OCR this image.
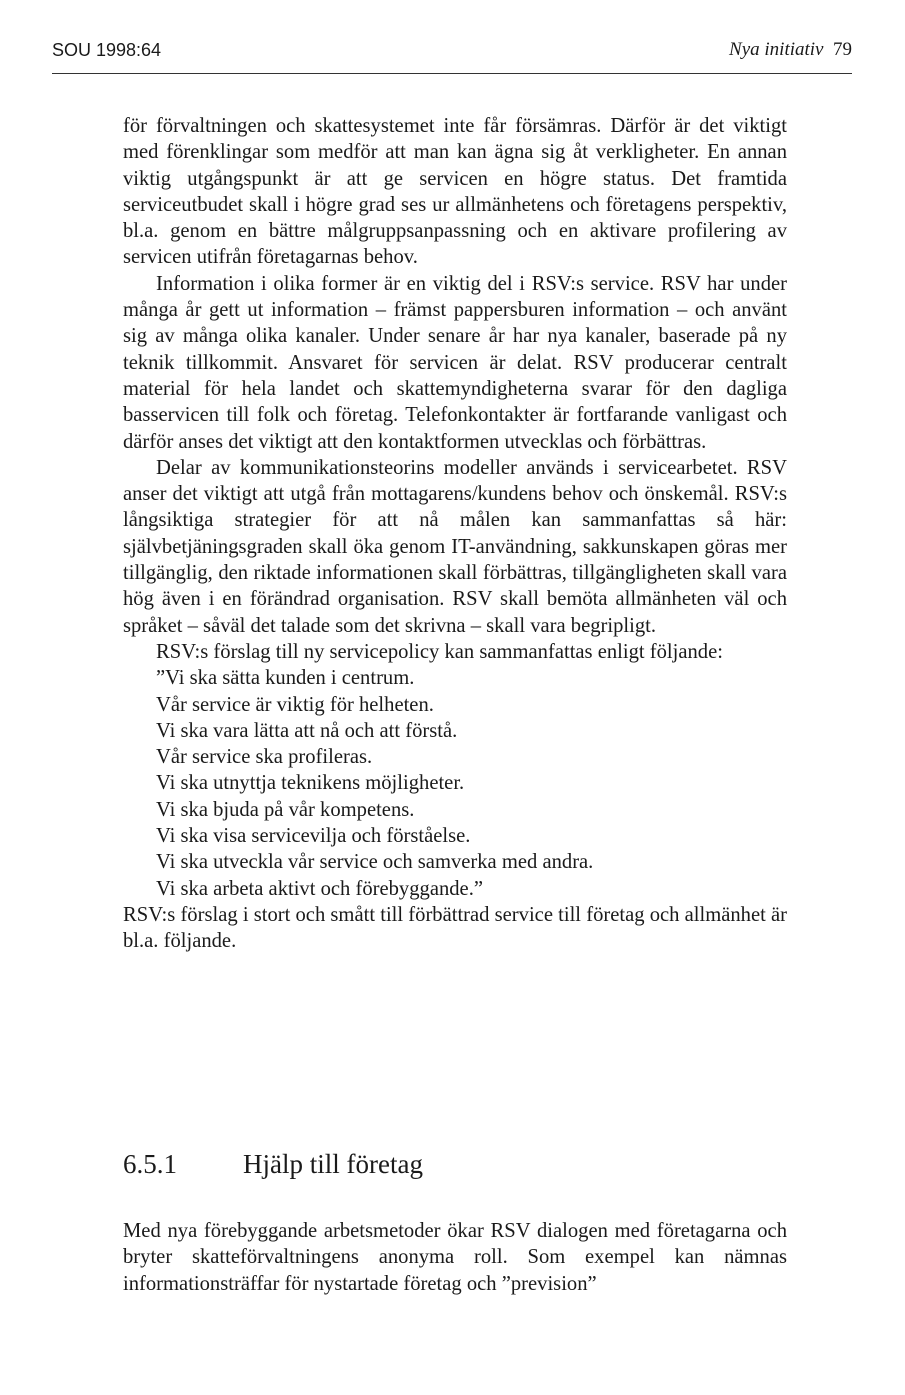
SOU 1998:64	Nya initiativ 79

för förvaltningen och skattesystemet inte får försämras. Därför är det viktigt med förenklingar som medför att man kan ägna sig åt verkligheter. En annan viktig utgångspunkt är att ge servicen en högre status. Det framtida serviceutbudet skall i högre grad ses ur allmänhetens och företagens perspektiv, bl.a. genom en bättre målgruppsanpassning och en aktivare profilering av servicen utifrån företagarnas behov.

Information i olika former är en viktig del i RSV:s service. RSV har under många år gett ut information – främst pappersburen information – och använt sig av många olika kanaler. Under senare år har nya kanaler, baserade på ny teknik tillkommit. Ansvaret för servicen är delat. RSV producerar centralt material för hela landet och skattemyndigheterna svarar för den dagliga basservicen till folk och företag. Telefonkontakter är fortfarande vanligast och därför anses det viktigt att den kontaktformen utvecklas och förbättras.

Delar av kommunikationsteorins modeller används i servicearbetet. RSV anser det viktigt att utgå från mottagarens/kundens behov och önskemål. RSV:s långsiktiga strategier för att nå målen kan sammanfattas så här: självbetjäningsgraden skall öka genom IT-användning, sakkunskapen göras mer tillgänglig, den riktade informationen skall förbättras, tillgängligheten skall vara hög även i en förändrad organisation. RSV skall bemöta allmänheten väl och språket – såväl det talade som det skrivna – skall vara begripligt.

RSV:s förslag till ny servicepolicy kan sammanfattas enligt följande:

”Vi ska sätta kunden i centrum.
Vår service är viktig för helheten.
Vi ska vara lätta att nå och att förstå.
Vår service ska profileras.
Vi ska utnyttja teknikens möjligheter.
Vi ska bjuda på vår kompetens.
Vi ska visa servicevilja och förståelse.
Vi ska utveckla vår service och samverka med andra.
Vi ska arbeta aktivt och förebyggande.”

RSV:s förslag i stort och smått till förbättrad service till företag och allmänhet är bl.a. följande.

6.5.1 Hjälp till företag

Med nya förebyggande arbetsmetoder ökar RSV dialogen med företagarna och bryter skatteförvaltningens anonyma roll. Som exempel kan nämnas informationsträffar för nystartade företag och ”prevision”
